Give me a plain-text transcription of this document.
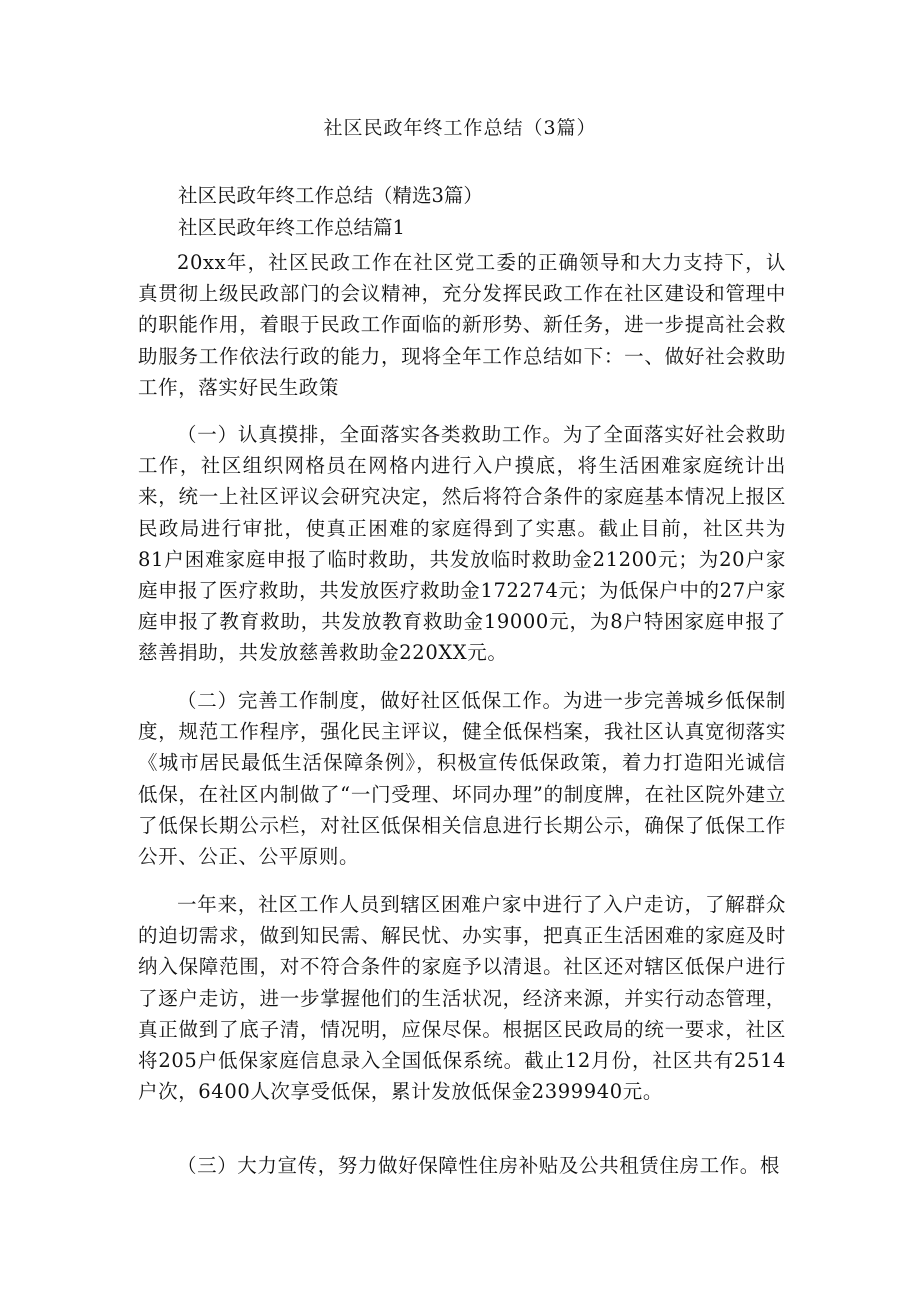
社区民政年终工作总结（3篇）
社区民政年终工作总结（精选3篇）
社区民政年终工作总结篇1

20xx年，社区民政工作在社区党工委的正确领导和大力支持下，认真贯彻上级民政部门的会议精神，充分发挥民政工作在社区建设和管理中的职能作用，着眼于民政工作面临的新形势、新任务，进一步提高社会救助服务工作依法行政的能力，现将全年工作总结如下：一、做好社会救助工作，落实好民生政策

（一）认真摸排，全面落实各类救助工作。为了全面落实好社会救助工作，社区组织网格员在网格内进行入户摸底，将生活困难家庭统计出来，统一上社区评议会研究决定，然后将符合条件的家庭基本情况上报区民政局进行审批，使真正困难的家庭得到了实惠。截止目前，社区共为81户困难家庭申报了临时救助，共发放临时救助金21200元；为20户家庭申报了医疗救助，共发放医疗救助金172274元；为低保户中的27户家庭申报了教育救助，共发放教育救助金19000元，为8户特困家庭申报了慈善捐助，共发放慈善救助金220XX元。

（二）完善工作制度，做好社区低保工作。为进一步完善城乡低保制度，规范工作程序，强化民主评议，健全低保档案，我社区认真宽彻落实《城市居民最低生活保障条例》，积极宣传低保政策，着力打造阳光诚信低保，在社区内制做了“一门受理、坏同办理”的制度牌，在社区院外建立了低保长期公示栏，对社区低保相关信息进行长期公示，确保了低保工作公开、公正、公平原则。

一年来，社区工作人员到辖区困难户家中进行了入户走访，了解群众的迫切需求，做到知民需、解民忧、办实事，把真正生活困难的家庭及时纳入保障范围，对不符合条件的家庭予以清退。社区还对辖区低保户进行了逐户走访，进一步掌握他们的生活状况，经济来源，并实行动态管理，真正做到了底子清，情况明，应保尽保。根据区民政局的统一要求，社区将205户低保家庭信息录入全国低保系统。截止12月份，社区共有2514户次，6400人次享受低保，累计发放低保金2399940元。

（三）大力宣传，努力做好保障性住房补贴及公共租赁住房工作。根
